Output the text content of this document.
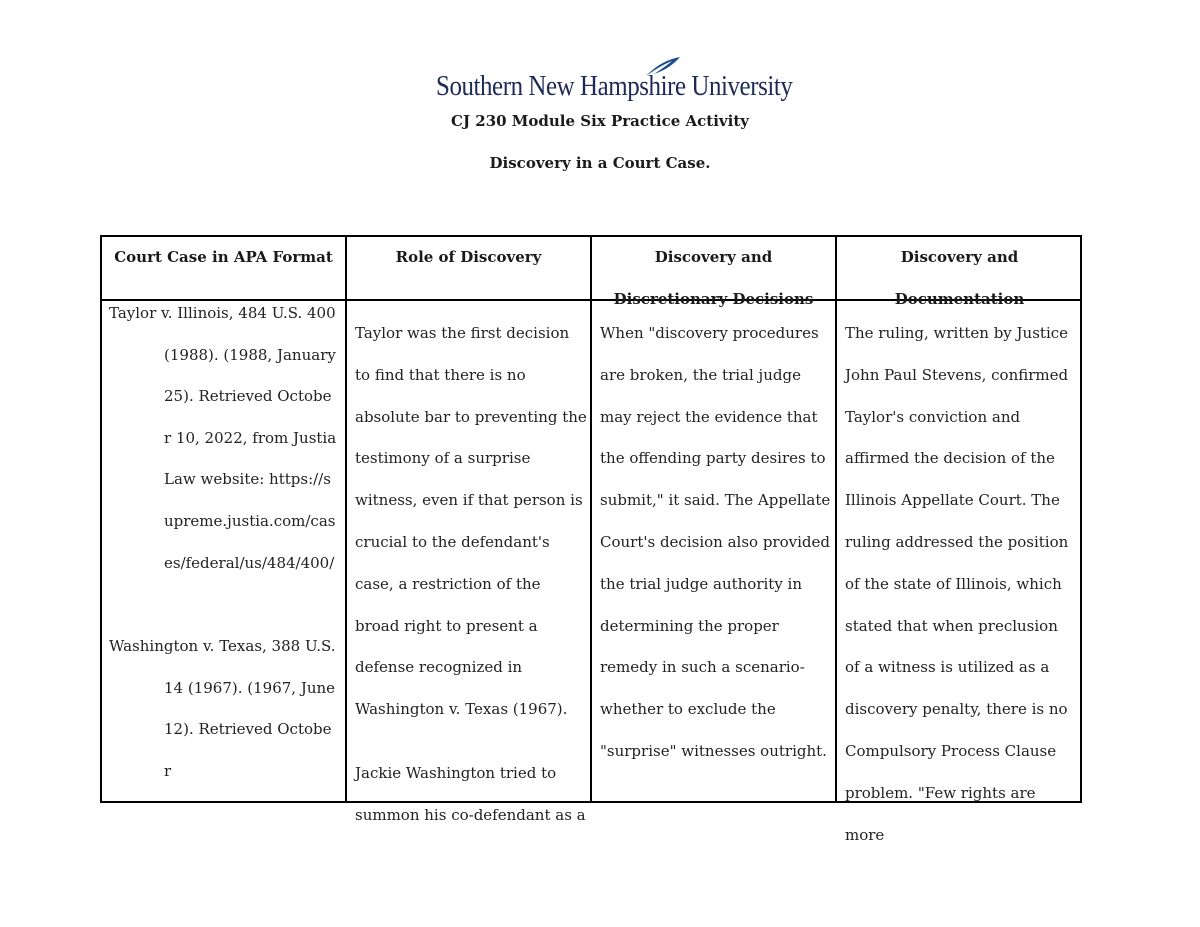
Southern New Hampshire University
CJ 230 Module Six Practice Activity
Discovery in a Court Case.
Court Case in APA Format	Role of Discovery	Discovery and
Discretionary Decisions
Discovery and
Documentation

Taylor v. Illinois, 484 U.S. 400 (1988). (1988, January 25). Retrieved October 10, 2022, from Justia Law website: https://supreme.justia.com/cases/federal/us/484/400/

Washington v. Texas, 388 U.S. 14 (1967). (1967, June 12). Retrieved October

Taylor was the first decision to find that there is no absolute bar to preventing the testimony of a surprise witness, even if that person is crucial to the defendant's case, a restriction of the broad right to present a defense recognized in Washington v. Texas (1967).

Jackie Washington tried to summon his co-defendant as a

When "discovery procedures are broken, the trial judge may reject the evidence that the offending party desires to submit," it said. The Appellate Court's decision also provided the trial judge authority in determining the proper remedy in such a scenario-whether to exclude the "surprise" witnesses outright.

The ruling, written by Justice John Paul Stevens, confirmed Taylor's conviction and affirmed the decision of the Illinois Appellate Court. The ruling addressed the position of the state of Illinois, which stated that when preclusion of a witness is utilized as a discovery penalty, there is no Compulsory Process Clause problem. "Few rights are more
